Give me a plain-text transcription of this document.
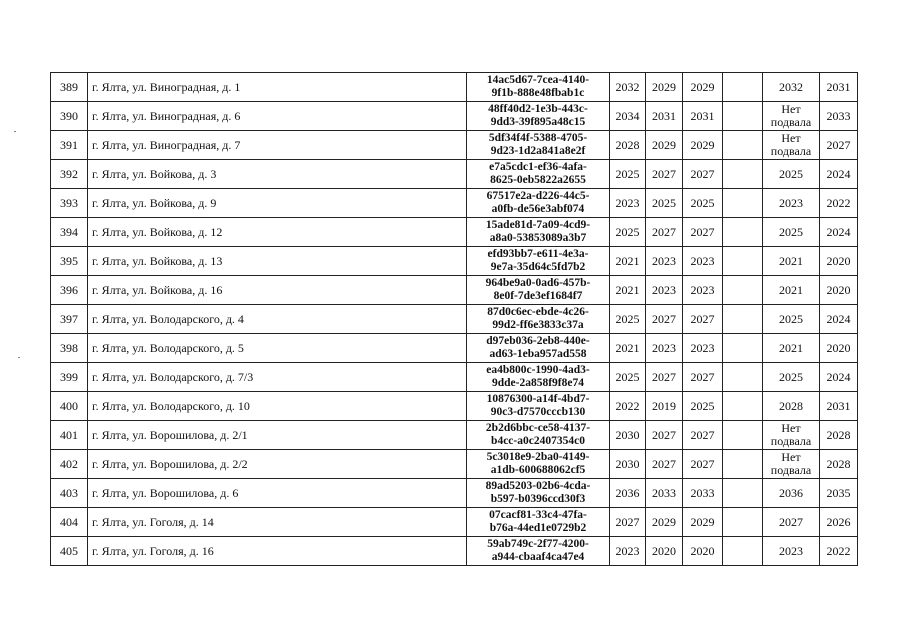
389	г. Ялта, ул. Виноградная, д. 1	14ac5d67-7cea-4140-
9f1b-888e48fbab1c	2032	2029	2029		2032	2031
390	г. Ялта, ул. Виноградная, д. 6	48ff40d2-1e3b-443c-
9dd3-39f895a48c15	2034	2031	2031		Нет
подвала	2033
391	г. Ялта, ул. Виноградная, д. 7	5df34f4f-5388-4705-
9d23-1d2a841a8e2f	2028	2029	2029		Нет
подвала	2027
392	г. Ялта, ул. Войкова, д. 3	e7a5cdc1-ef36-4afa-
8625-0eb5822a2655	2025	2027	2027		2025	2024
393	г. Ялта, ул. Войкова, д. 9	67517e2a-d226-44c5-
a0fb-de56e3abf074	2023	2025	2025		2023	2022
394	г. Ялта, ул. Войкова, д. 12	15ade81d-7a09-4cd9-
a8a0-53853089a3b7	2025	2027	2027		2025	2024
395	г. Ялта, ул. Войкова, д. 13	efd93bb7-e611-4e3a-
9e7a-35d64c5fd7b2	2021	2023	2023		2021	2020
396	г. Ялта, ул. Войкова, д. 16	964be9a0-0ad6-457b-
8e0f-7de3ef1684f7	2021	2023	2023		2021	2020
397	г. Ялта, ул. Володарского, д. 4	87d0c6ec-ebde-4c26-
99d2-ff6e3833c37a	2025	2027	2027		2025	2024
398	г. Ялта, ул. Володарского, д. 5	d97eb036-2eb8-440e-
ad63-1eba957ad558	2021	2023	2023		2021	2020
399	г. Ялта, ул. Володарского, д. 7/3	ea4b800c-1990-4ad3-
9dde-2a858f9f8e74	2025	2027	2027		2025	2024
400	г. Ялта, ул. Володарского, д. 10	10876300-a14f-4bd7-
90c3-d7570cccb130	2022	2019	2025		2028	2031
401	г. Ялта, ул. Ворошилова, д. 2/1	2b2d6bbc-ce58-4137-
b4cc-a0c2407354c0	2030	2027	2027		Нет
подвала	2028
402	г. Ялта, ул. Ворошилова, д. 2/2	5c3018e9-2ba0-4149-
a1db-600688062cf5	2030	2027	2027		Нет
подвала	2028
403	г. Ялта, ул. Ворошилова, д. 6	89ad5203-02b6-4cda-
b597-b0396ccd30f3	2036	2033	2033		2036	2035
404	г. Ялта, ул. Гоголя, д. 14	07cacf81-33c4-47fa-
b76a-44ed1e0729b2	2027	2029	2029		2027	2026
405	г. Ялта, ул. Гоголя, д. 16	59ab749c-2f77-4200-
a944-cbaaf4ca47e4	2023	2020	2020		2023	2022
